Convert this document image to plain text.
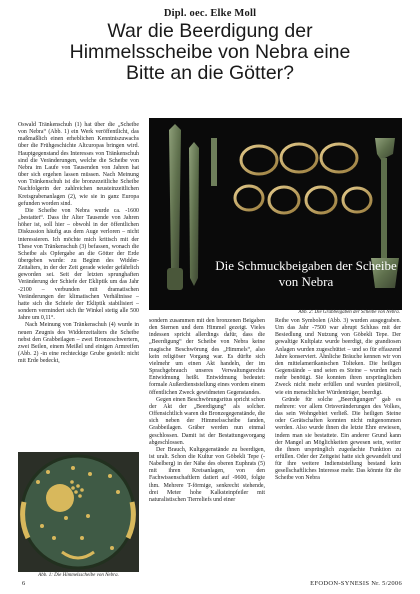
Dipl. oec. Elke Moll
War die Beerdigung der Himmelsscheibe von Nebra eine Bitte an die Götter?

Oswald Tränkenschuh (1) hat über die „Scheibe von Nebra“ (Abb. 1) ein Werk veröffentlicht, das maßmaßlich einen erheblichen Kenntniszuwachs über die Frühgeschichte Altcuropas bringen wird. Hauptgegenstand des Interesses von Tränkenschuh sind die Veränderungen, welche die Scheibe von Nebra im Laufe von Tausenden von Jahren hat über sich ergehen lassen müssen. Nach Meinung von Tränkenschuh ist die bronzezeitliche Scheibe Nachfolgerin der zahlreichen neusteinzeitlichen Kreisgrabenanlagen (2), wie sie in ganz Europa gefunden worden sind.

Die Scheibe von Nebra wurde ca. -1600 „bestattet“. Dass ihr Alter Tausende von Jahren höher ist, soll hier – obwohl in der öffentlichen Diskussion häufig aus dem Auge verloren – nicht interessieren. Ich möchte mich kritisch mit der These von Tränkenschuh (3) befassen, wonach die Scheibe als Opfergabe an die Götter der Erde übergeben wurde: zu Beginn des Widder-Zeitalters, in der der Zeit gerade wieder gefährlich geworden sei. Seit der letzten sprunghaften Veränderung der Schiefe der Ekliptik um das Jahr -2100 – verbunden mit dramatischen Veränderungen der klimatischen Verhältnisse – hatte sich die Schiefe der Ekliptik stabilisiert – sondern vermindert sich ihr Winkel stetig alle 500 Jahre um 0,11°.

Nach Meinung von Tränkenschuh (4) wurde in neuen Zeugnis des Widderzeitalters die Scheibe nebst den Grabbeilagen – zwei Bronzeschwertern, zwei Beilen, einem Meißel und einigen Armreifen (Abb. 2) -in eine rechteckige Grube gesteilt: nicht mit Erde bedeckt,

Die Schmuckbeigaben der Scheibe von Nebra
Abb. 2: Die Grabbeigaben der Scheibe von Nebra.

sondern zusammen mit den bronzenen Beigaben den Sternen und dem Himmel gezeigt. Vieles indessen spricht allerdings dafür, dass die „Beerdigung“ der Scheibe von Nebra keine magische Beschwörung des „Himmels“, also kein religiöser Vorgang war. Es dürfte sich vielmehr um einen Akt handeln, der im Sprachgebrauch unseres Verwaltungsrechts Entwidmung heißt. Entwidmung bedeutet: formale Außerdienststellung eines vordem einem öffentlichen Zweck gewidmeten Gegenstandes.

Gegen einen Beschwörungsritus spricht schon der Akt der „Beerdigung“ als solcher. Offensichtlich waren die Bronzegegenstände, die sich neben der Himmelsscheibe fanden, Grabbeilagen. Gräber werden nun einmal geschlossen. Damit ist der Bestattungsvorgang abgeschlossen.

Der Brauch, Kultgegenstände zu beerdigen, ist uralt. Schon die Kultur von Göbekli Tepe (- Nabelberg) in der Nähe des oberen Euphrats (5) mit ihren Kreisanlagen, von den Fachwissenschaftlern datiert auf -9600, folgte ihm. Mehrere T-förmige, senkrecht stehende, drei Meter hohe Kalksteinpfeiler mit naturalistischen Tierreliefs und einer

Reihe von Symbolen (Abb. 3) wurden ausgegraben. Um das Jahr -7500 war abrupt Schluss mit der Besiedlung und Nutzung von Göbekli Tepe. Der gewaltige Kultplatz wurde beerdigt, die grandiosen Anlagen wurden zugeschüttet – und so für effaszend Jahre konserviert. Ähnliche Bräuche kennen wir von den mittelamerikanischen Tolteken. Die heiligen Gegenstände – und seien es Steine – wurden nach mehr benötigt. Sie konnten ihren ursprünglichen Zweck nicht mehr erfüllen und wurden pietätvoll, wie ein menschlicher Würdenträger, beerdigt.

Gründe für solche „Beerdigungen“ gab es mehrere: vor allem Ortsveränderungen des Volkes, das sein Wohngebiet verließ. Die heiligen Steine oder Gerätschaften konnten nicht mitgenommen werden. Also wurde ihnen die letzte Ehre erwiesen, indem man sie bestattete. Ein anderer Grund kann der Mangel an Möglichkeiten gewesen sein, weiter die ihnen ursprünglich zugedachte Funktion zu erfüllen. Oder der Zeitgeist hatte sich gewandelt und für ihre weitere Indienststellung bestand kein gesellschaftliches Interesse mehr. Das könnte für die Scheibe von Nebra

Abb. 1: Die Himmelsscheibe von Nebra.
6	EFODON-SYNESIS Nr. 5/2006
